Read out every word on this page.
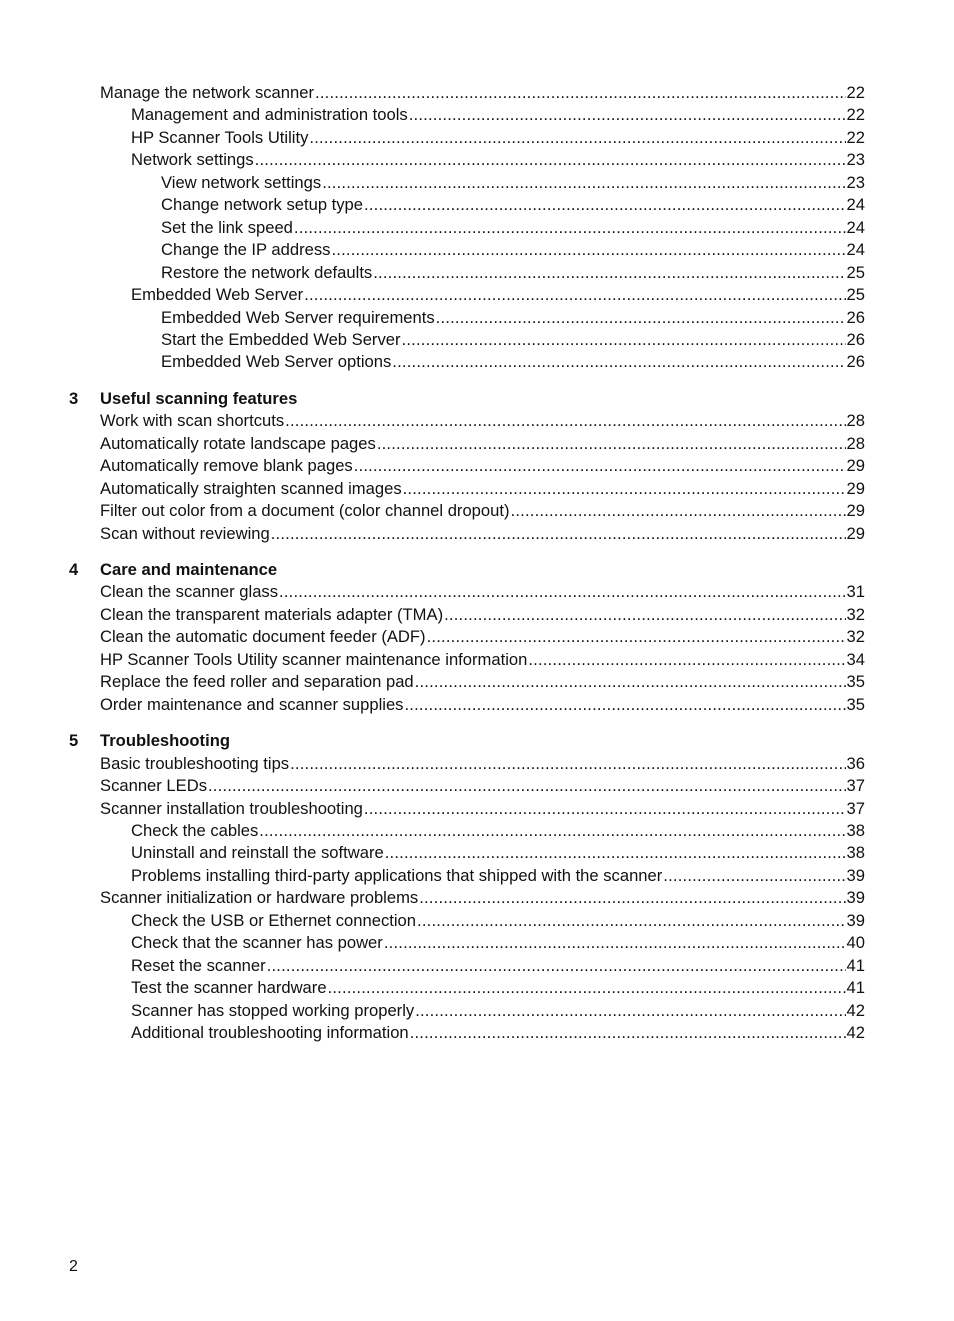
Manage the network scanner .....	22
Management and administration tools .....	22
HP Scanner Tools Utility .....	22
Network settings .....	23
View network settings .....	23
Change network setup type .....	24
Set the link speed .....	24
Change the IP address .....	24
Restore the network defaults .....	25
Embedded Web Server .....	25
Embedded Web Server requirements .....	26
Start the Embedded Web Server .....	26
Embedded Web Server options .....	26
3 Useful scanning features
Work with scan shortcuts .....	28
Automatically rotate landscape pages .....	28
Automatically remove blank pages .....	29
Automatically straighten scanned images .....	29
Filter out color from a document (color channel dropout) .....	29
Scan without reviewing .....	29
4 Care and maintenance
Clean the scanner glass .....	31
Clean the transparent materials adapter (TMA) .....	32
Clean the automatic document feeder (ADF) .....	32
HP Scanner Tools Utility scanner maintenance information .....	34
Replace the feed roller and separation pad .....	35
Order maintenance and scanner supplies .....	35
5 Troubleshooting
Basic troubleshooting tips .....	36
Scanner LEDs .....	37
Scanner installation troubleshooting .....	37
Check the cables .....	38
Uninstall and reinstall the software .....	38
Problems installing third-party applications that shipped with the scanner .....	39
Scanner initialization or hardware problems .....	39
Check the USB or Ethernet connection .....	39
Check that the scanner has power .....	40
Reset the scanner .....	41
Test the scanner hardware .....	41
Scanner has stopped working properly .....	42
Additional troubleshooting information .....	42
2
